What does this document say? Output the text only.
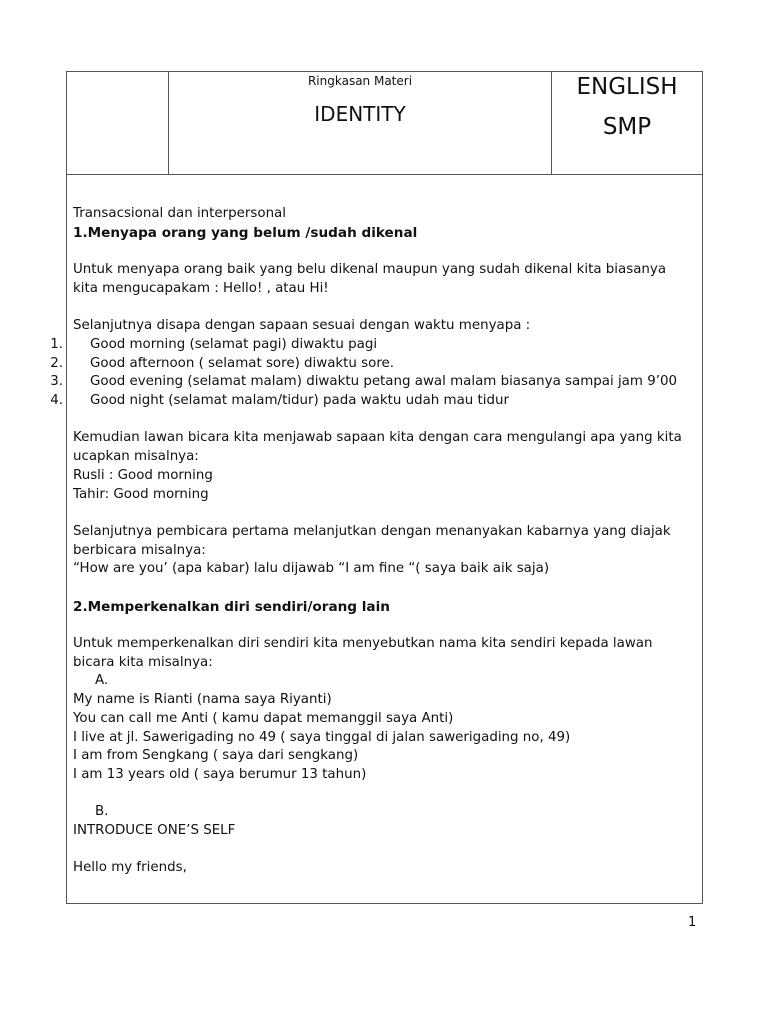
Ringkasan Materi
IDENTITY
ENGLISH
SMP

Transacsional dan interpersonal

1.Menyapa orang yang belum /sudah dikenal

Untuk menyapa orang baik yang belu dikenal maupun yang sudah dikenal kita biasanya kita mengucapakam : Hello! , atau Hi!

Selanjutnya disapa dengan sapaan sesuai dengan waktu menyapa :

1. Good morning (selamat pagi) diwaktu pagi

2. Good afternoon ( selamat sore) diwaktu sore.

3.	Good evening (selamat malam) diwaktu petang awal malam biasanya sampai jam 9’00

4. Good night (selamat malam/tidur) pada waktu udah mau tidur

Kemudian lawan bicara kita menjawab sapaan kita dengan cara mengulangi apa yang kita ucapkan misalnya:

Rusli : Good morning

Tahir: Good morning

Selanjutnya pembicara pertama melanjutkan dengan menanyakan kabarnya yang diajak berbicara misalnya:

“How are you’ (apa kabar) lalu dijawab “I am fine “( saya baik aik saja)

2.Memperkenalkan diri sendiri/orang lain

Untuk memperkenalkan diri sendiri kita menyebutkan nama kita sendiri kepada lawan bicara kita misalnya:

A.

My name is Rianti (nama saya Riyanti)

You can call me Anti ( kamu dapat memanggil saya Anti)

I live at jl. Sawerigading no 49 ( saya tinggal di jalan sawerigading no, 49)

I am from Sengkang ( saya dari sengkang)

I am 13 years old ( saya berumur 13 tahun)

B.

INTRODUCE ONE’S SELF

Hello my friends,

1
